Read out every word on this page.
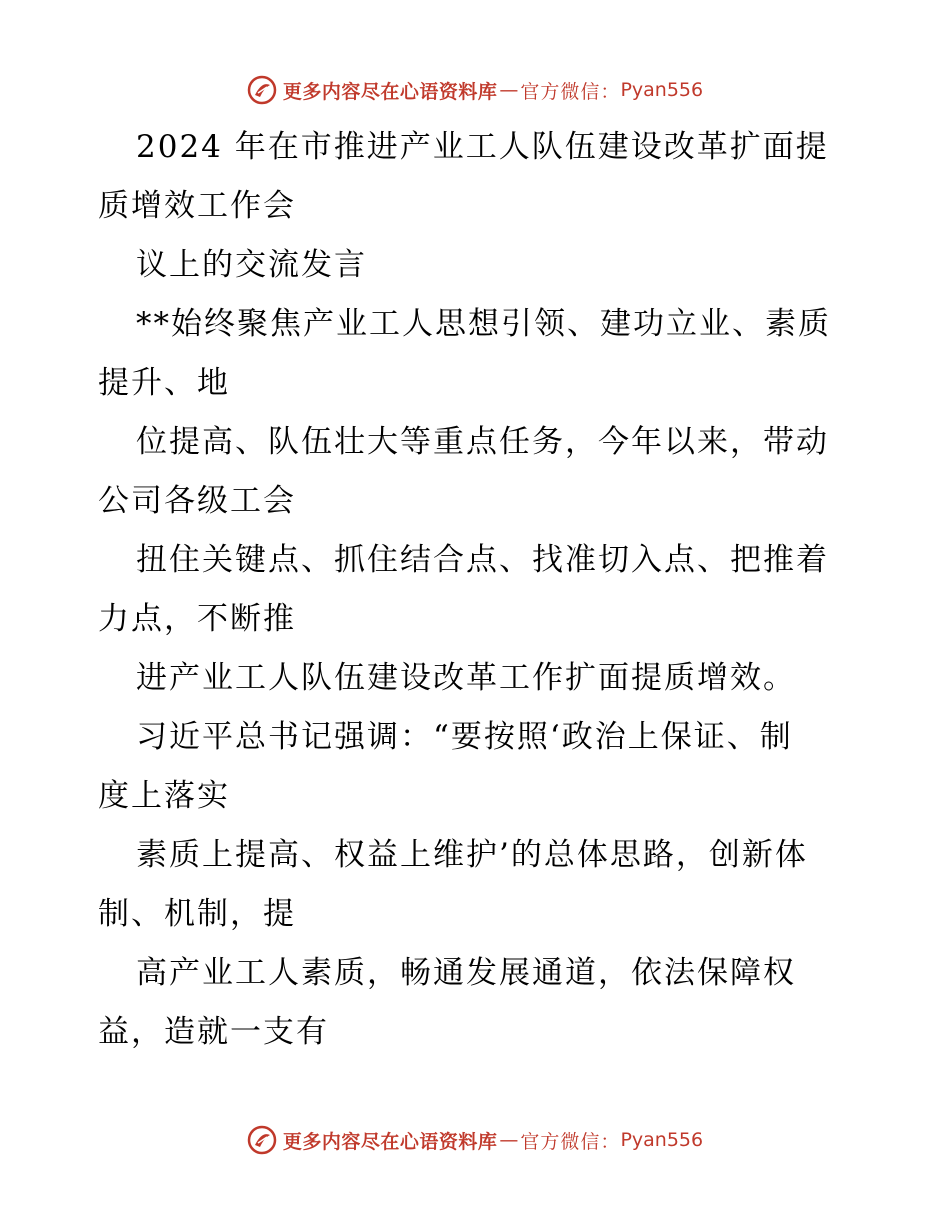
更多内容尽在心语资料库 — 官方微信： Pyan556
2024 年在市推进产业工人队伍建设改革扩面提
质增效工作会
议上的交流发言
**始终聚焦产业工人思想引领、建功立业、素质
提升、地
位提高、队伍壮大等重点任务，今年以来，带动
公司各级工会
扭住关键点、抓住结合点、找准切入点、把推着
力点，不断推
进产业工人队伍建设改革工作扩面提质增效。
习近平总书记强调：“要按照‘政治上保证、制
度上落实
素质上提高、权益上维护’的总体思路，创新体
制、机制，提
高产业工人素质，畅通发展通道，依法保障权
益，造就一支有
更多内容尽在心语资料库 — 官方微信： Pyan556
